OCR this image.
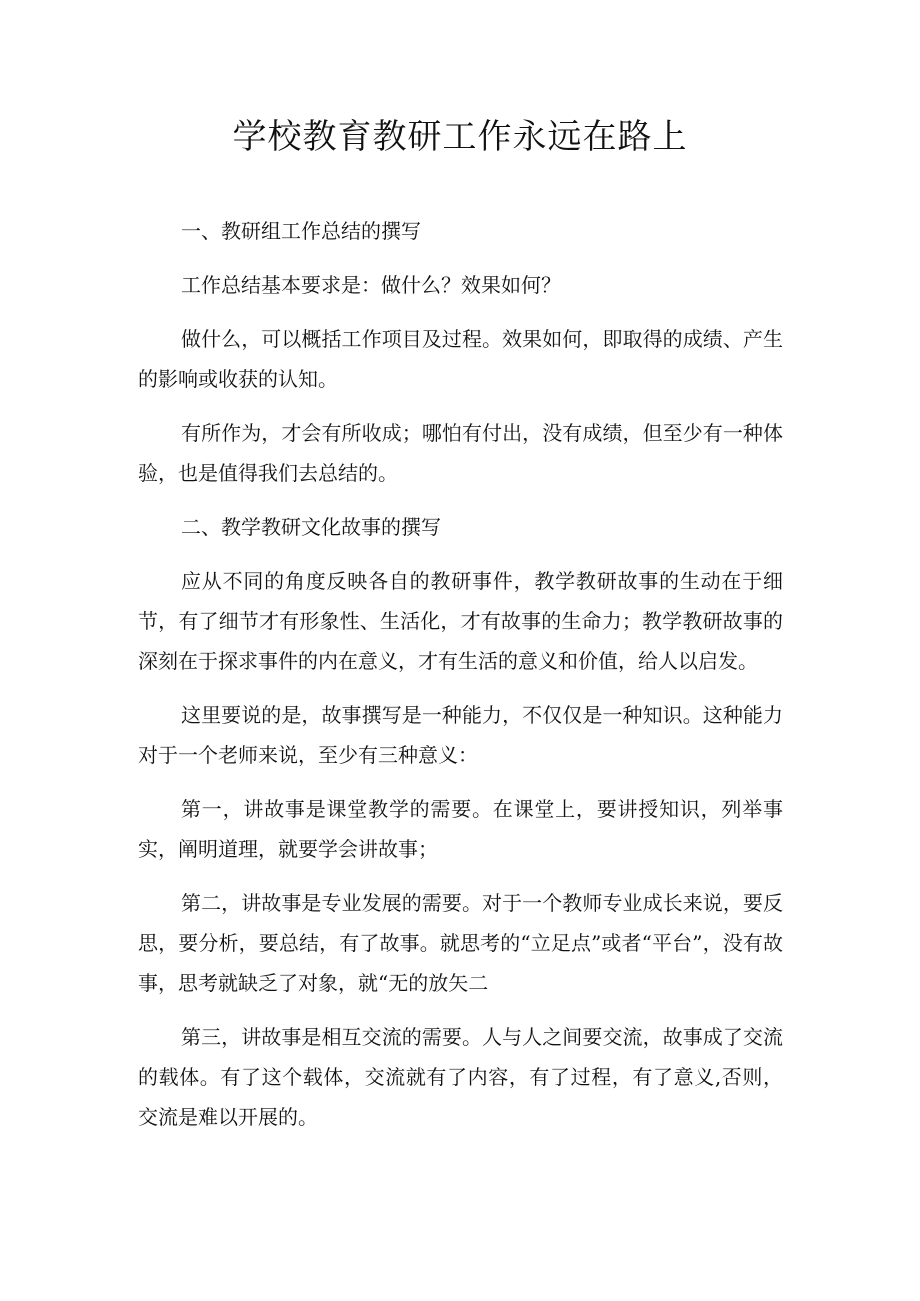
学校教育教研工作永远在路上

一、教研组工作总结的撰写

工作总结基本要求是：做什么？效果如何？

做什么，可以概括工作项目及过程。效果如何，即取得的成绩、产生的影响或收获的认知。

有所作为，才会有所收成；哪怕有付出，没有成绩，但至少有一种体验，也是值得我们去总结的。

二、教学教研文化故事的撰写

应从不同的角度反映各自的教研事件，教学教研故事的生动在于细节，有了细节才有形象性、生活化，才有故事的生命力；教学教研故事的深刻在于探求事件的内在意义，才有生活的意义和价值，给人以启发。

这里要说的是，故事撰写是一种能力，不仅仅是一种知识。这种能力对于一个老师来说，至少有三种意义：

第一，讲故事是课堂教学的需要。在课堂上，要讲授知识，列举事实，阐明道理，就要学会讲故事；

第二，讲故事是专业发展的需要。对于一个教师专业成长来说，要反思，要分析，要总结，有了故事。就思考的“立足点”或者“平台”，没有故事，思考就缺乏了对象，就“无的放矢二

第三，讲故事是相互交流的需要。人与人之间要交流，故事成了交流的载体。有了这个载体，交流就有了内容，有了过程，有了意义,否则，交流是难以开展的。
